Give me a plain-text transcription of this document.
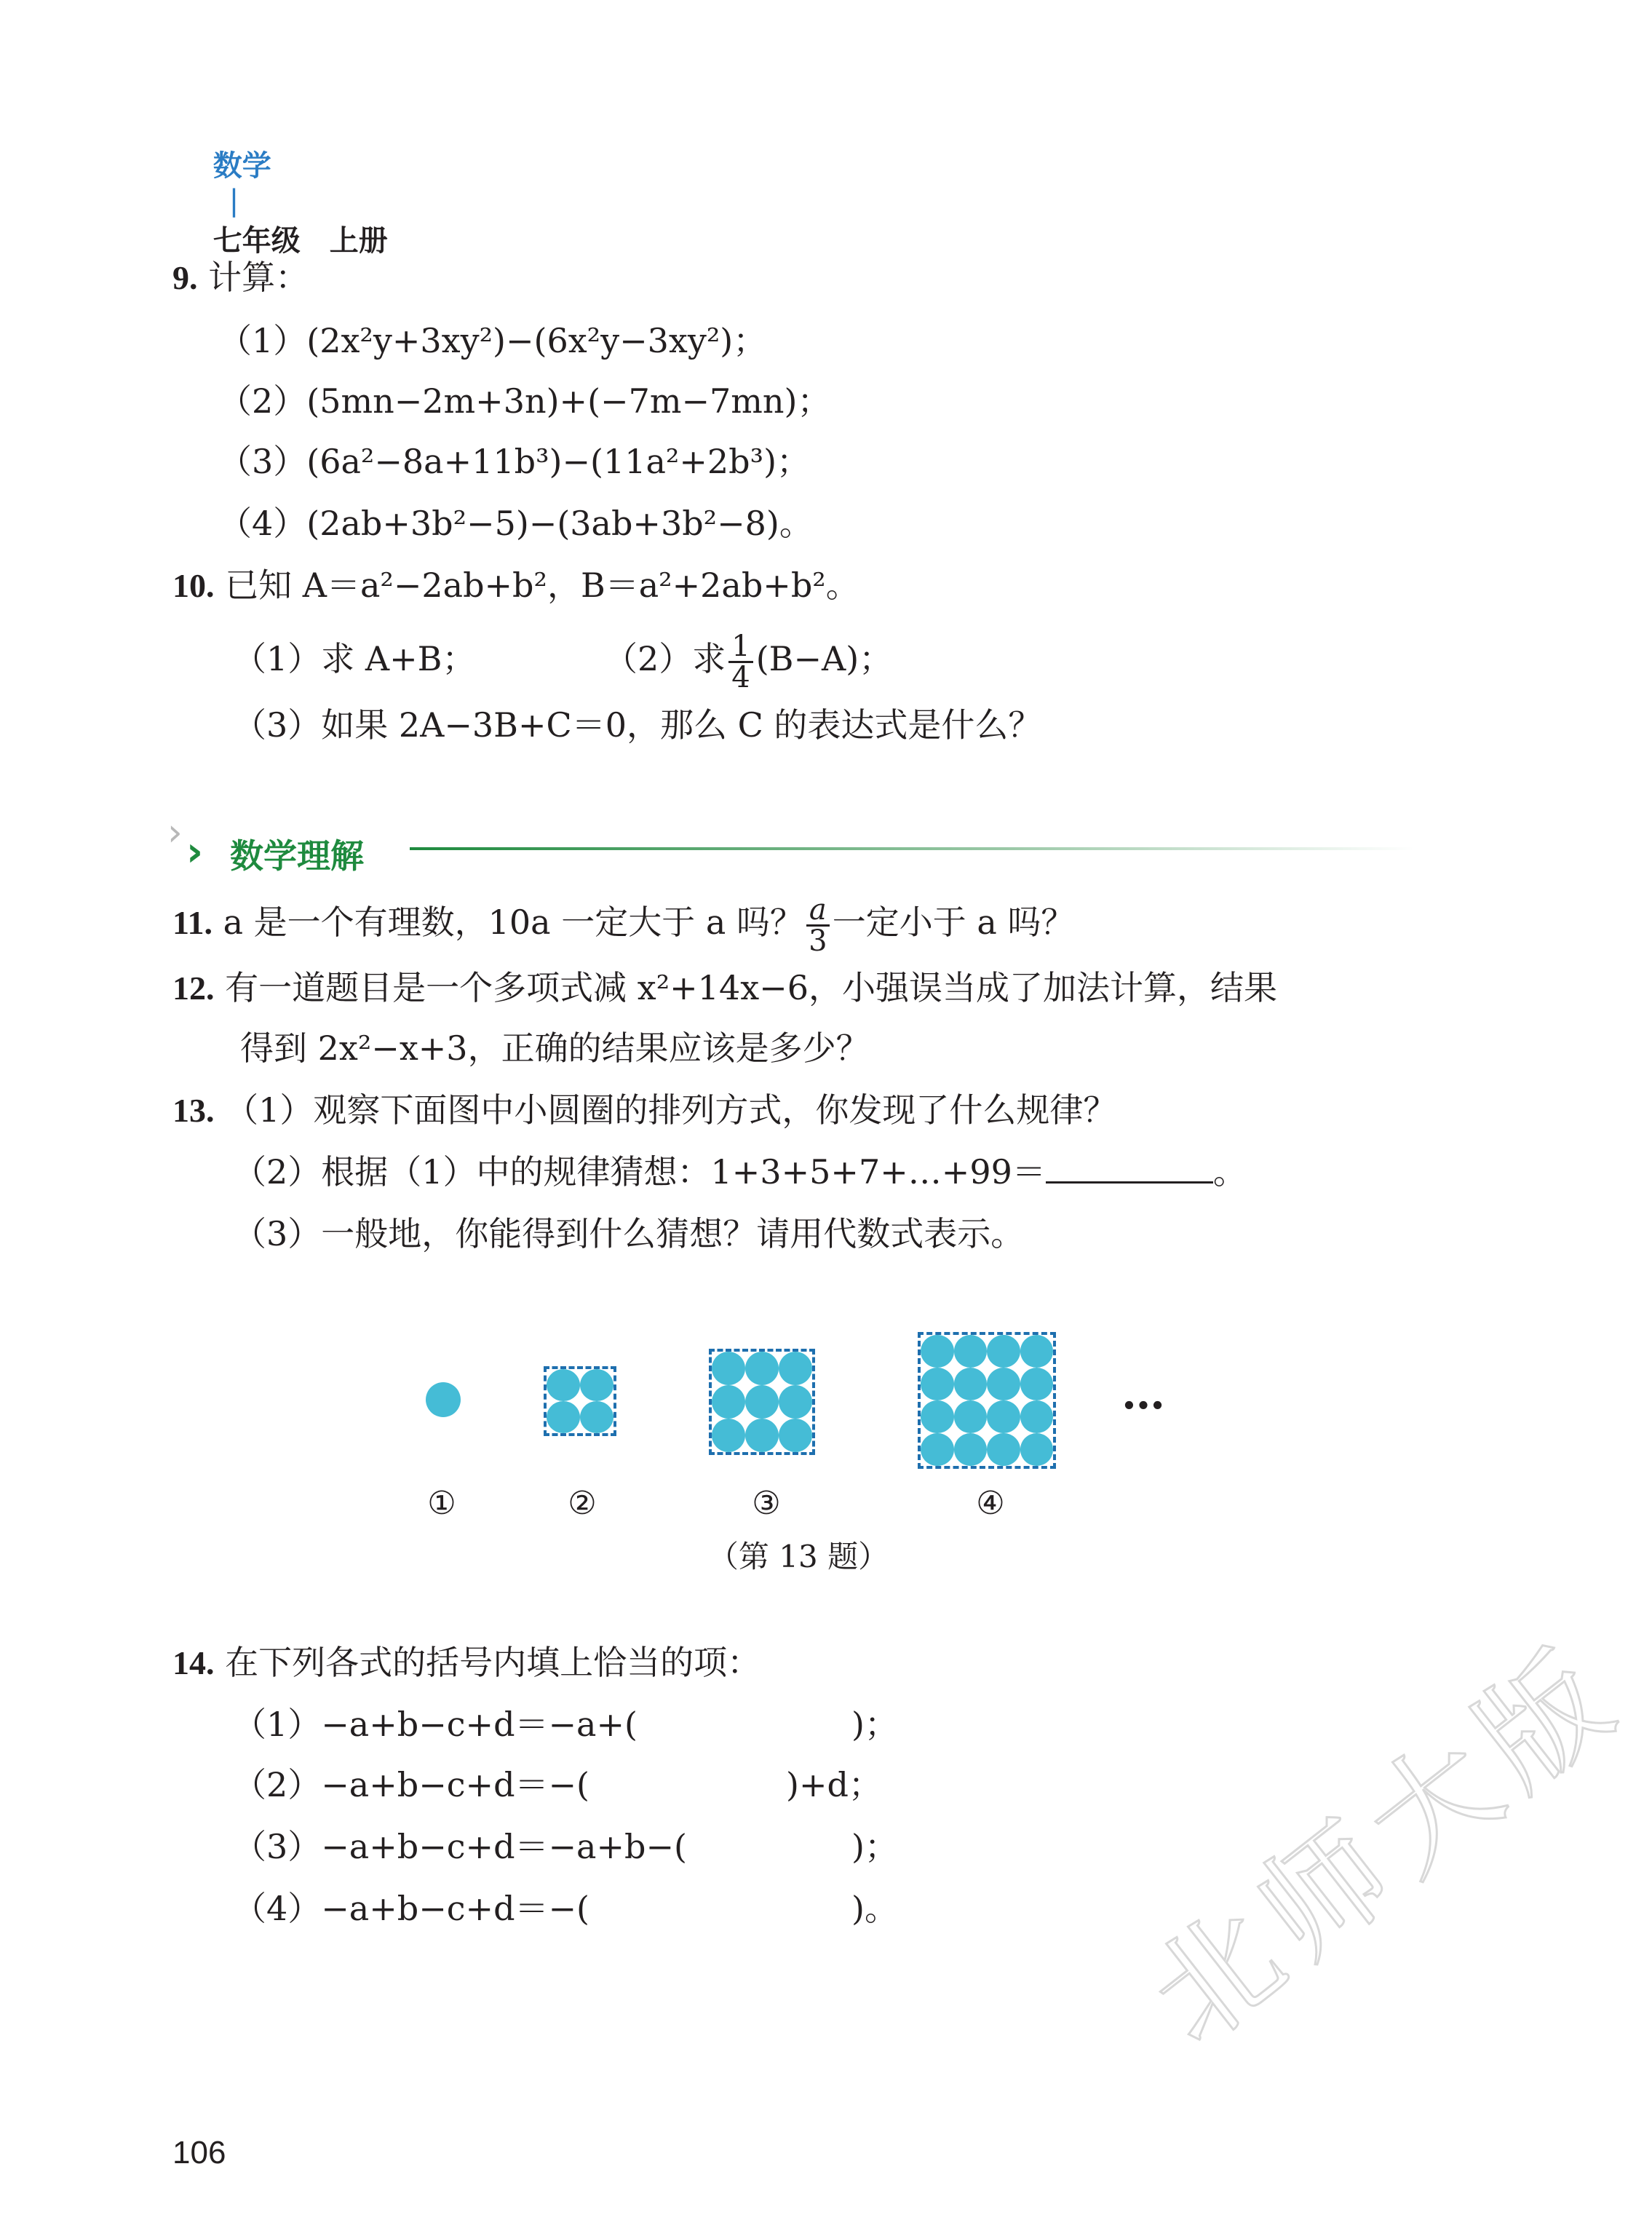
数学
|
七年级　上册

9. 计算：
（1）(2x²y+3xy²)−(6x²y−3xy²)；
（2）(5mn−2m+3n)+(−7m−7mn)；
（3）(6a²−8a+11b³)−(11a²+2b³)；
（4）(2ab+3b²−5)−(3ab+3b²−8)。
10. 已知 A＝a²−2ab+b²，B＝a²+2ab+b²。
（1）求 A+B；	（2）求 $\frac{1}{4} (B-A)$；
（3）如果 2A−3B+C＝0，那么 C 的表达式是什么？
› › 数学理解
11. a 是一个有理数，10a 一定大于 a 吗？ $\frac{a}{3}$ 一定小于 a 吗？
12. 有一道题目是一个多项式减 x²+14x−6，小强误当成了加法计算，结果
得到 2x²−x+3，正确的结果应该是多少？
13. （1）观察下面图中小圆圈的排列方式，你发现了什么规律？
（2）根据（1）中的规律猜想：1+3+5+7+…+99＝	。
（3）一般地，你能得到什么猜想？请用代数式表示。
…
①	②	③	④
（第 13 题）
14. 在下列各式的括号内填上恰当的项：
（1）−a+b−c+d＝−a+(	)；
（2）−a+b−c+d＝−(	)+d；
（3）−a+b−c+d＝−a+b−(	)；
（4）−a+b−c+d＝−(	)。
106
北师大版
